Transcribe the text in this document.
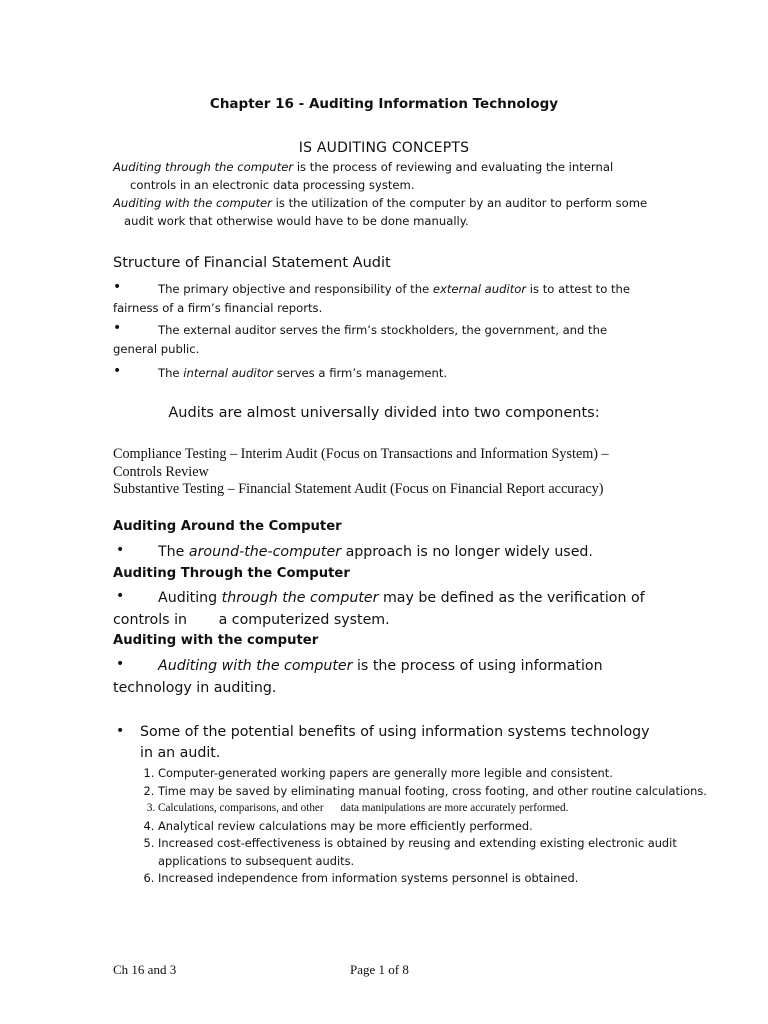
Chapter 16 - Auditing Information Technology
IS AUDITING CONCEPTS
Auditing through the computer is the process of reviewing and evaluating the internal
controls in an electronic data processing system.
Auditing with the computer is the utilization of the computer by an auditor to perform some
audit work that otherwise would have to be done manually.
Structure of Financial Statement Audit
•	The primary objective and responsibility of the external auditor is to attest to the
fairness of a firm’s financial reports.
•	The external auditor serves the firm’s stockholders, the government, and the
general public.
•	The internal auditor serves a firm’s management.
Audits are almost universally divided into two components:
Compliance Testing – Interim Audit (Focus on Transactions and Information System) –
Controls Review
Substantive Testing – Financial Statement Audit (Focus on Financial Report accuracy)
Auditing Around the Computer
•	The around-the-computer approach is no longer widely used.
Auditing Through the Computer
•	Auditing through the computer may be defined as the verification of
controls in       a computerized system.
Auditing with the computer
•	Auditing with the computer is the process of using information
technology in auditing.
•	Some of the potential benefits of using information systems technology
in an audit.
1. Computer-generated working papers are generally more legible and consistent.
2. Time may be saved by eliminating manual footing, cross footing, and other routine calculations.
3. Calculations, comparisons, and other      data manipulations are more accurately performed.
4. Analytical review calculations may be more efficiently performed.
5. Increased cost-effectiveness is obtained by reusing and extending existing electronic audit applications to subsequent audits.
6. Increased independence from information systems personnel is obtained.
Ch 16 and 3	Page 1 of 8
